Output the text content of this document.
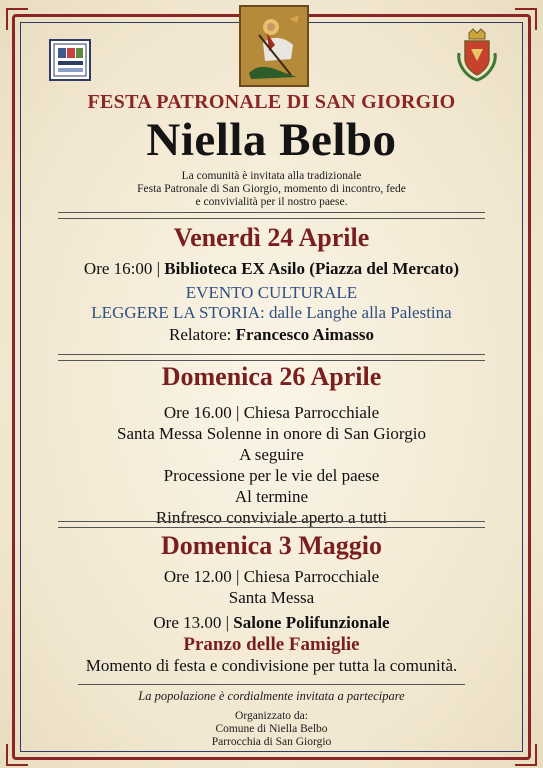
FESTA PATRONALE DI SAN GIORGIO
Niella Belbo
La comunità è invitata alla tradizionale
Festa Patronale di San Giorgio, momento di incontro, fede
e convivialità per il nostro paese.
Venerdì 24 Aprile
Ore 16:00 | Biblioteca EX Asilo (Piazza del Mercato)
EVENTO CULTURALE
LEGGERE LA STORIA: dalle Langhe alla Palestina
Relatore: Francesco Aimasso
Domenica 26 Aprile
Ore 16.00 | Chiesa Parrocchiale
Santa Messa Solenne in onore di San Giorgio
A seguire
Processione per le vie del paese
Al termine
Rinfresco conviviale aperto a tutti
Domenica 3 Maggio
Ore 12.00 | Chiesa Parrocchiale
Santa Messa
Ore 13.00 | Salone Polifunzionale
Pranzo delle Famiglie
Momento di festa e condivisione per tutta la comunità.
La popolazione è cordialmente invitata a partecipare
Organizzato da:
Comune di Niella Belbo
Parrocchia di San Giorgio
